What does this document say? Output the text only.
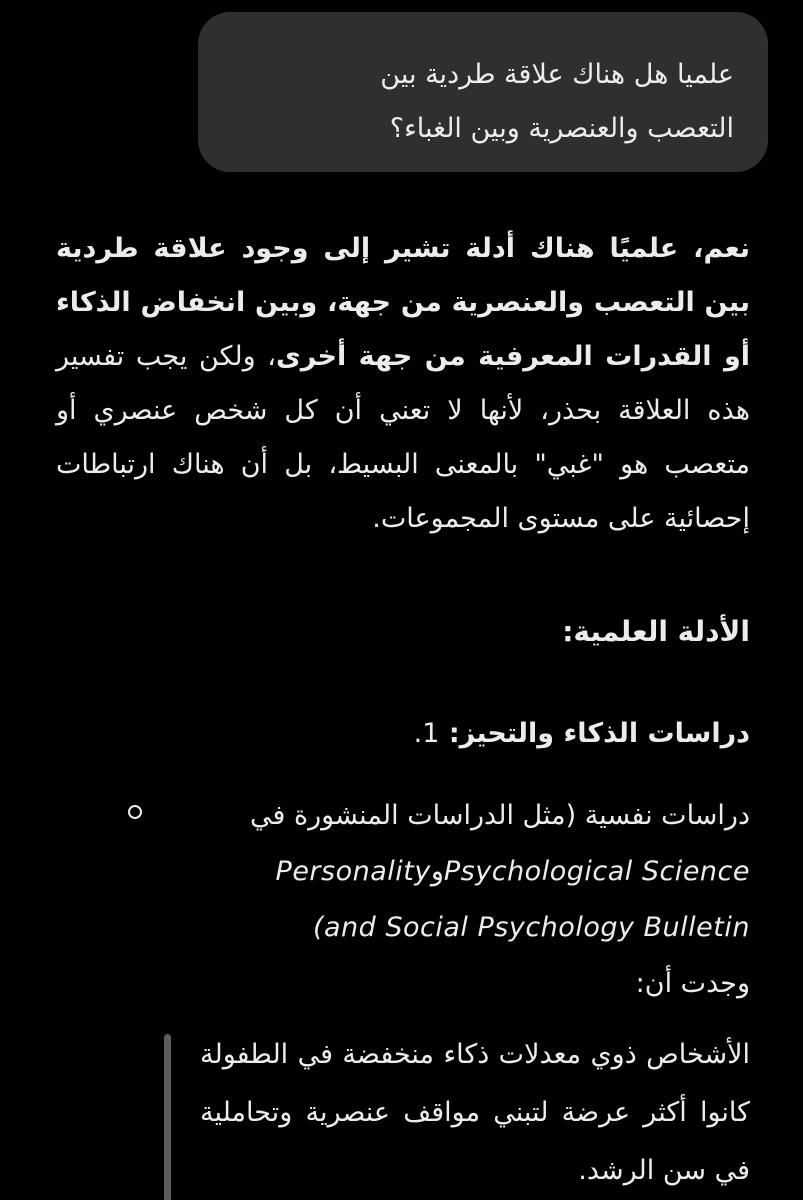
علميا هل هناك علاقة طردية بين
التعصب والعنصرية وبين الغباء؟
نعم، علميًا هناك أدلة تشير إلى وجود علاقة طردية بين التعصب والعنصرية من جهة، وبين انخفاض الذكاء أو القدرات المعرفية من جهة أخرى، ولكن يجب تفسير هذه العلاقة بحذر، لأنها لا تعني أن كل شخص عنصري أو متعصب هو "غبي" بالمعنى البسيط، بل أن هناك ارتباطات إحصائية على مستوى المجموعات.
الأدلة العلمية:
دراسات الذكاء والتحيز: 1.
دراسات نفسية (مثل الدراسات المنشورة في
Psychological ScienceوPersonality
(and Social Psychology Bulletin
وجدت أن:
الأشخاص ذوي معدلات ذكاء منخفضة في الطفولة كانوا أكثر عرضة لتبني مواقف عنصرية وتحاملية في سن الرشد.
